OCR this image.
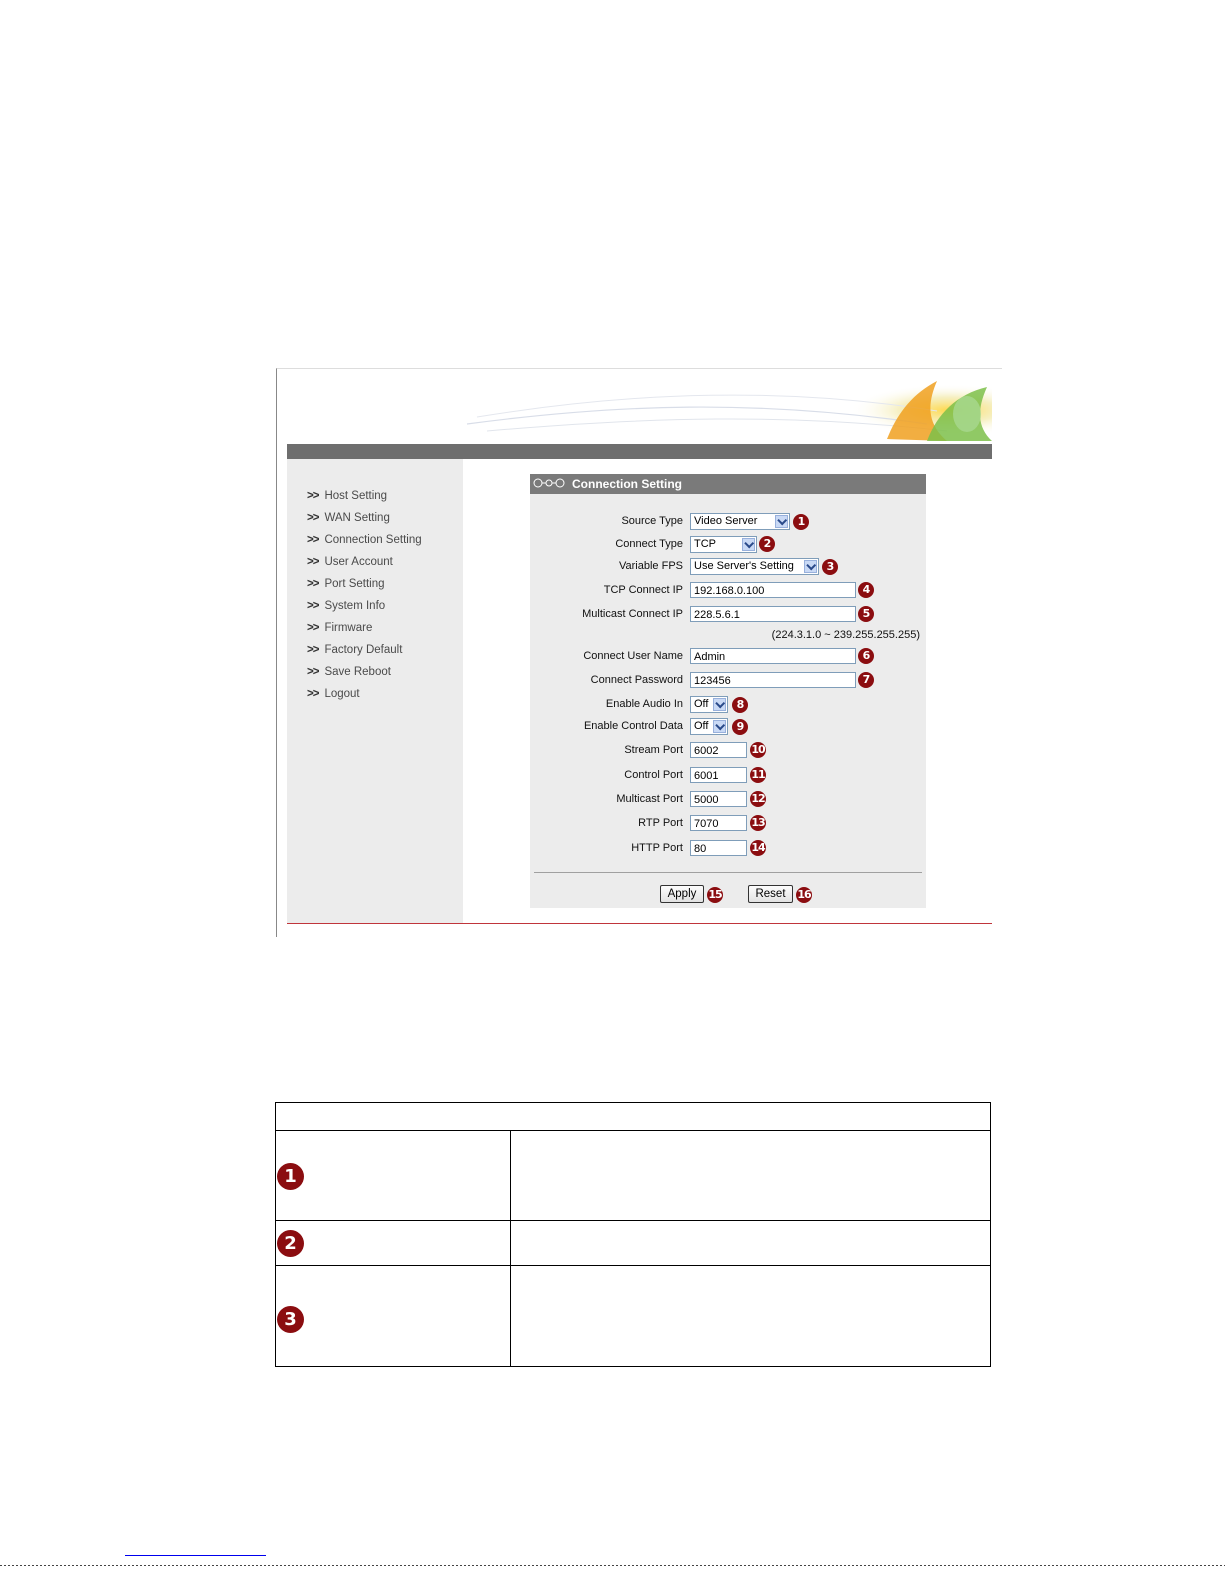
>> Host Setting
>> WAN Setting
>> Connection Setting
>> User Account
>> Port Setting
>> System Info
>> Firmware
>> Factory Default
>> Save Reboot
>> Logout
Connection Setting
Source Type	Video Server	1
Connect Type	TCP	2
Variable FPS	Use Server's Setting	3
TCP Connect IP	192.168.0.100	4
Multicast Connect IP	228.5.6.1	5
(224.3.1.0 ~ 239.255.255.255)
Connect User Name	Admin	6
Connect Password	123456	7
Enable Audio In	Off	8
Enable Control Data	Off	9
Stream Port	6002	10
Control Port	6001	11
Multicast Port	5000	12
RTP Port	7070	13
HTTP Port	80	14
Apply	15	Reset	16
1
2
3
